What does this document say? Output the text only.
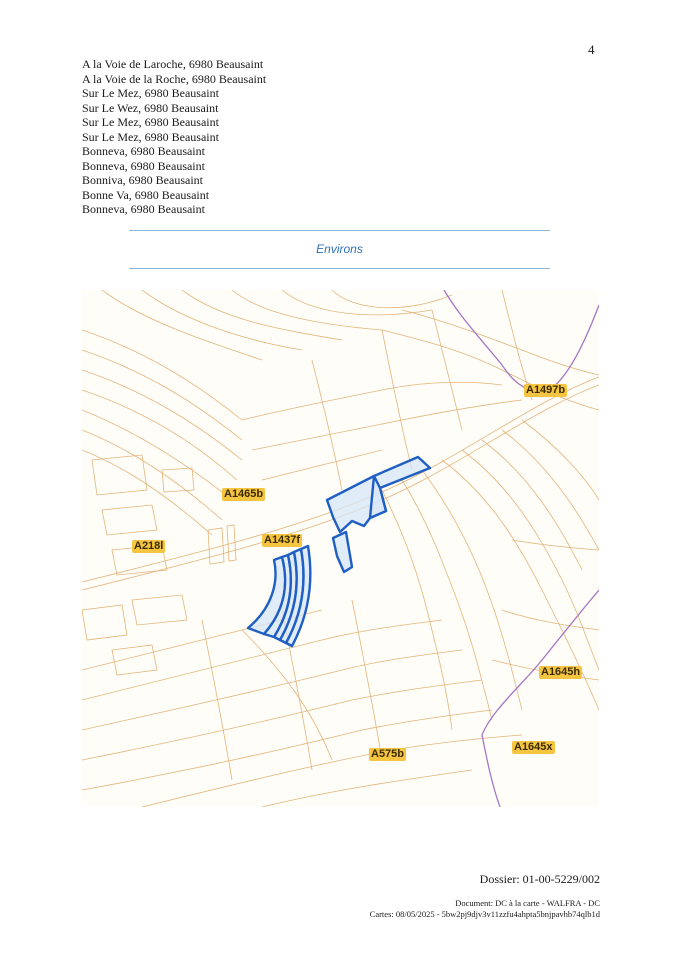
4
A la Voie de Laroche, 6980 Beausaint
A la Voie de la Roche, 6980 Beausaint
Sur Le Mez, 6980 Beausaint
Sur Le Wez, 6980 Beausaint
Sur Le Mez, 6980 Beausaint
Sur Le Mez, 6980 Beausaint
Bonneva, 6980 Beausaint
Bonneva, 6980 Beausaint
Bonniva, 6980 Beausaint
Bonne Va, 6980 Beausaint
Bonneva, 6980 Beausaint
Environs
A1497b
A1465b
A218l	A1437f
A1645h
A1645x
A575b
Dossier: 01-00-5229/002
Document: DC à la carte - WALFRA - DC
Cartes: 08/05/2025 - 5bw2pj9djv3v11zzfu4ahpta5bnjpavhb74qlb1d
